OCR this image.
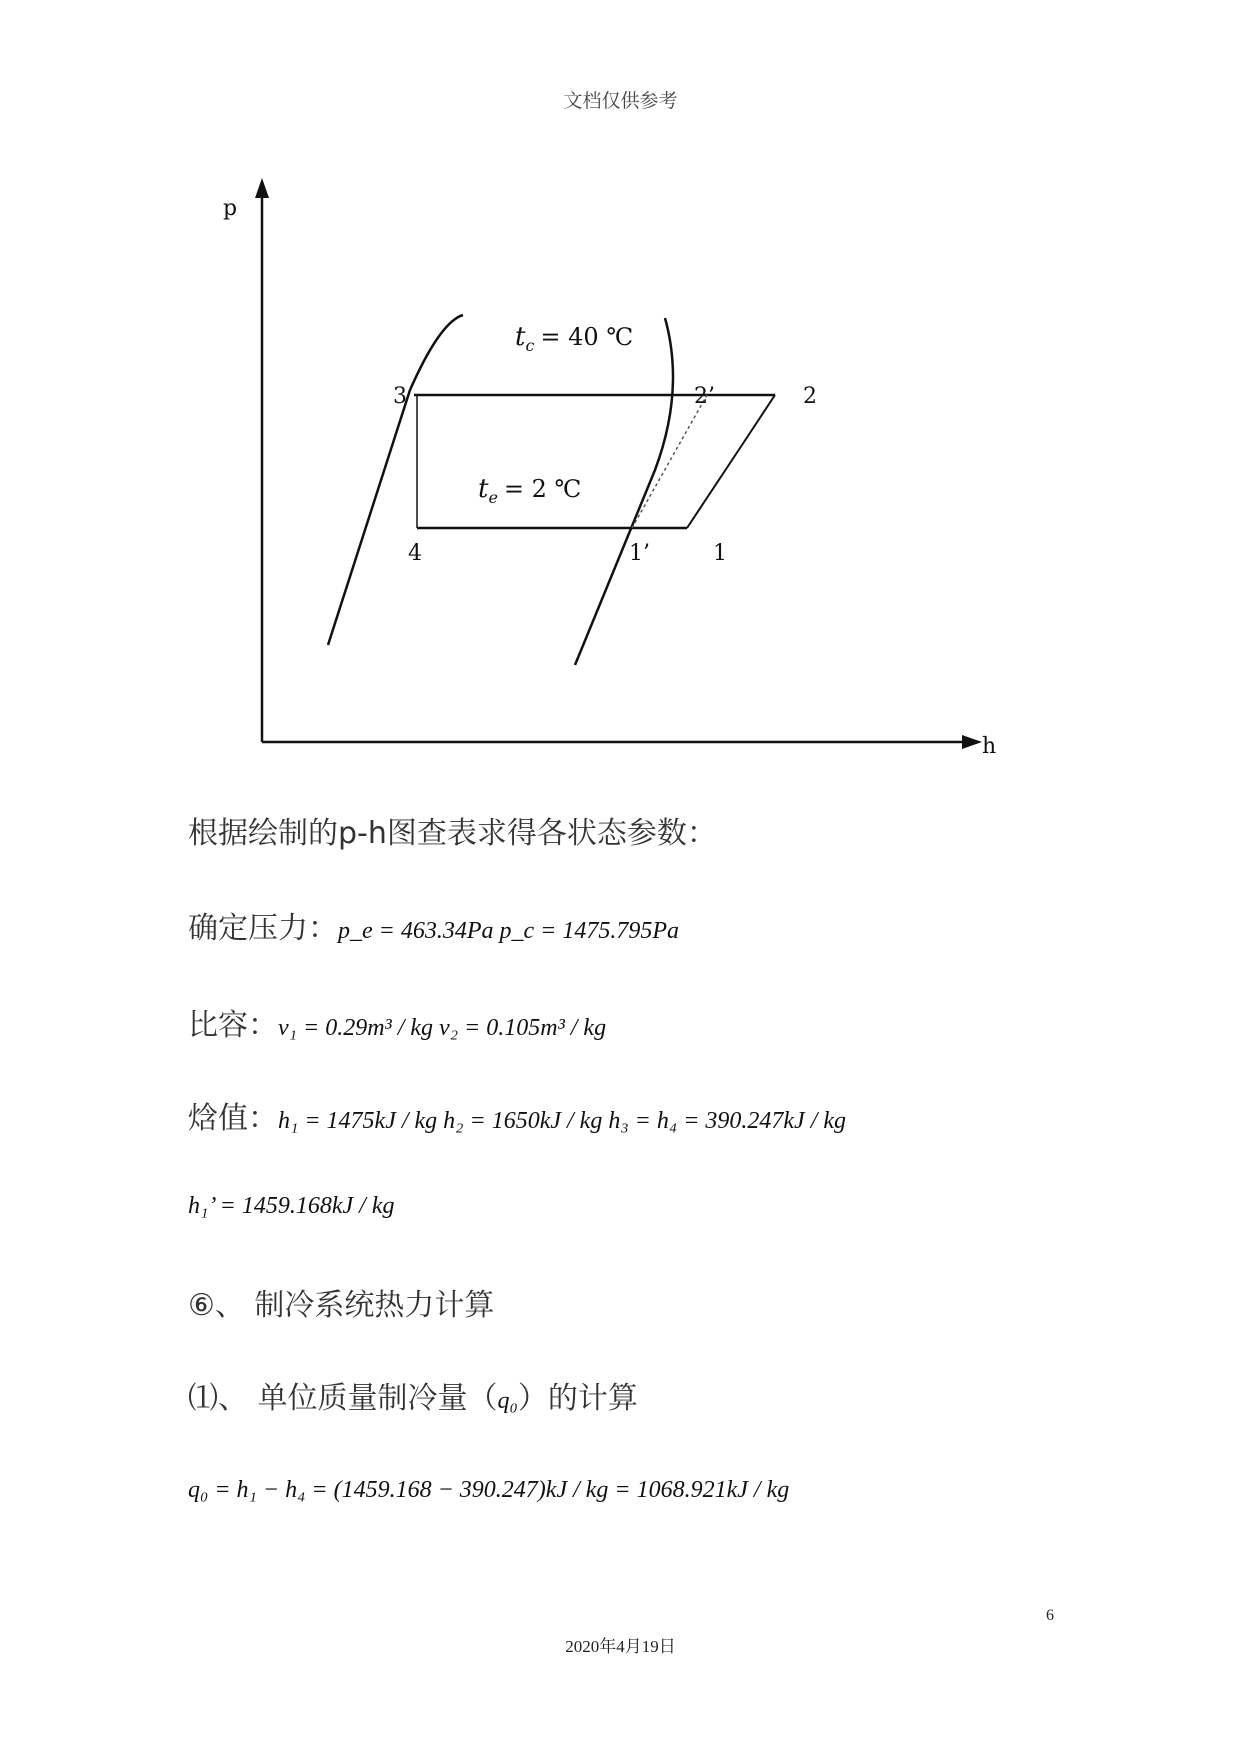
文档仅供参考
p
h
tc = 40 ℃
te = 2 ℃
3	2’	2
4	1’	1
根据绘制的p-h图查表求得各状态参数：
确定压力：p_e = 463.34Pa p_c = 1475.795Pa
比容：v₁ = 0.29m³ / kg v₂ = 0.105m³ / kg
焓值：h₁ = 1475kJ / kg h₂ = 1650kJ / kg h₃ = h₄ = 390.247kJ / kg
h₁’ = 1459.168kJ / kg
⑥、 制冷系统热力计算
⑴、 单位质量制冷量（q₀）的计算
q₀ = h₁ − h₄ = (1459.168 − 390.247)kJ / kg = 1068.921kJ / kg
6
2020年4月19日
